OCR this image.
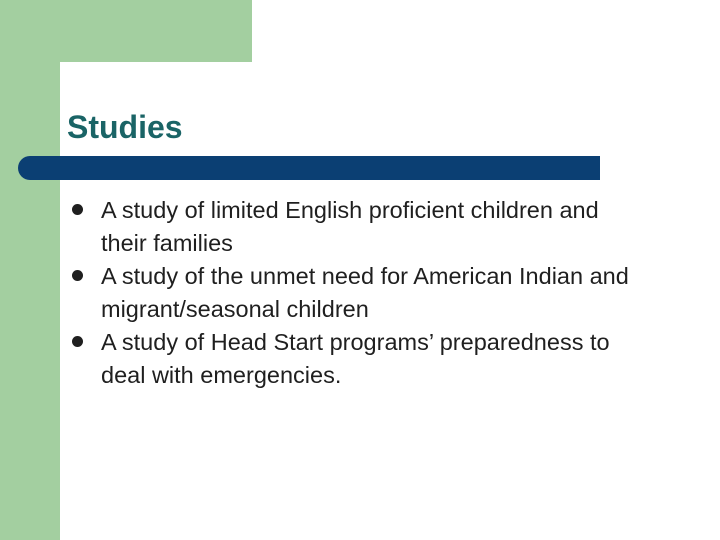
Studies
A study of limited English proficient children and their families
A study of the unmet need for American Indian and migrant/seasonal children
A study of Head Start programs’ preparedness to deal with emergencies.
